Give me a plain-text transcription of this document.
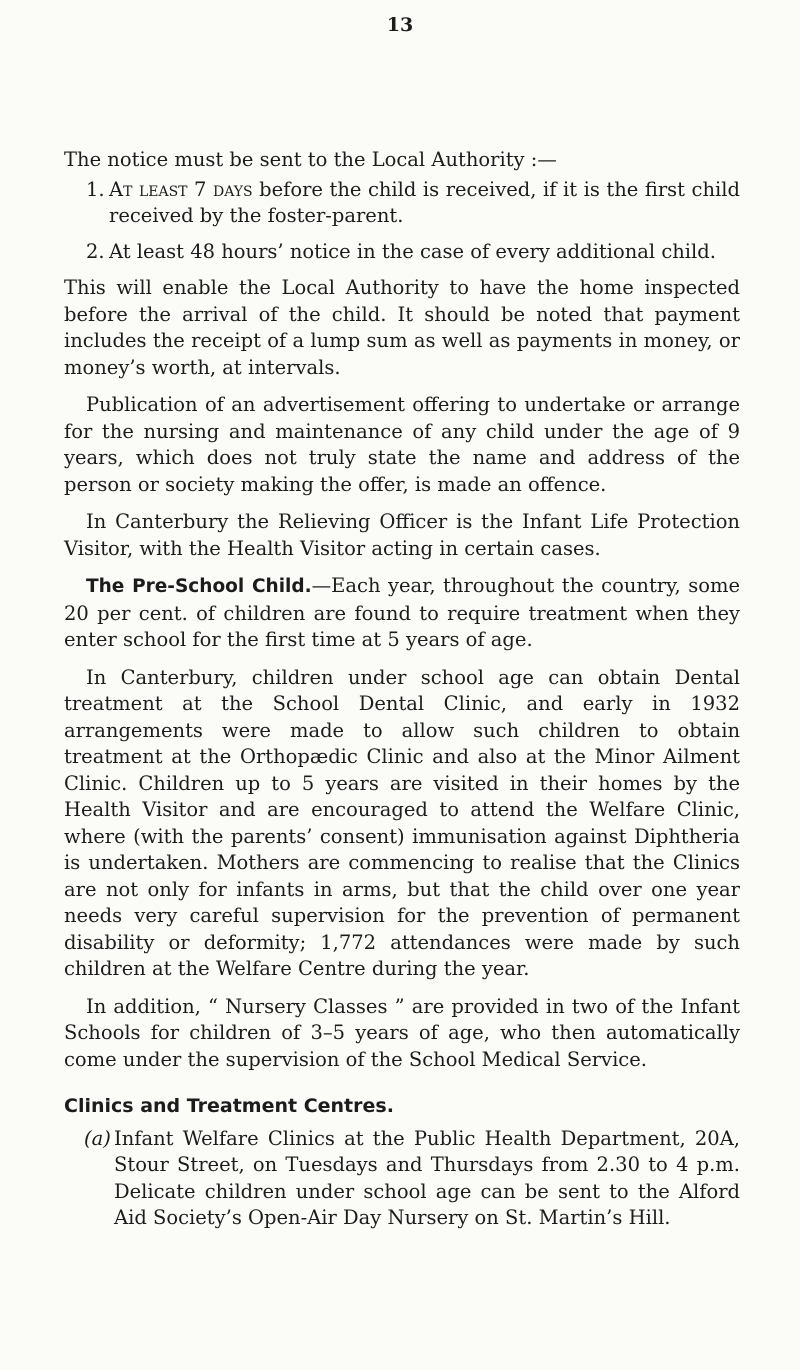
13

The notice must be sent to the Local Authority :—

1. At least 7 days before the child is received, if it is the first child received by the foster-parent.
2. At least 48 hours’ notice in the case of every additional child.

This will enable the Local Authority to have the home inspected before the arrival of the child. It should be noted that payment includes the receipt of a lump sum as well as payments in money, or money’s worth, at intervals.

Publication of an advertisement offering to undertake or arrange for the nursing and maintenance of any child under the age of 9 years, which does not truly state the name and address of the person or society making the offer, is made an offence.

In Canterbury the Relieving Officer is the Infant Life Protection Visitor, with the Health Visitor acting in certain cases.

The Pre-School Child.—Each year, throughout the country, some 20 per cent. of children are found to require treatment when they enter school for the first time at 5 years of age.

In Canterbury, children under school age can obtain Dental treatment at the School Dental Clinic, and early in 1932 arrangements were made to allow such children to obtain treatment at the Orthopædic Clinic and also at the Minor Ailment Clinic. Children up to 5 years are visited in their homes by the Health Visitor and are encouraged to attend the Welfare Clinic, where (with the parents’ consent) immunisation against Diphtheria is undertaken. Mothers are commencing to realise that the Clinics are not only for infants in arms, but that the child over one year needs very careful supervision for the prevention of permanent disability or deformity; 1,772 attendances were made by such children at the Welfare Centre during the year.

In addition, “ Nursery Classes ” are provided in two of the Infant Schools for children of 3–5 years of age, who then automatically come under the supervision of the School Medical Service.

Clinics and Treatment Centres.

(a) Infant Welfare Clinics at the Public Health Department, 20A, Stour Street, on Tuesdays and Thursdays from 2.30 to 4 p.m. Delicate children under school age can be sent to the Alford Aid Society’s Open-Air Day Nursery on St. Martin’s Hill.
